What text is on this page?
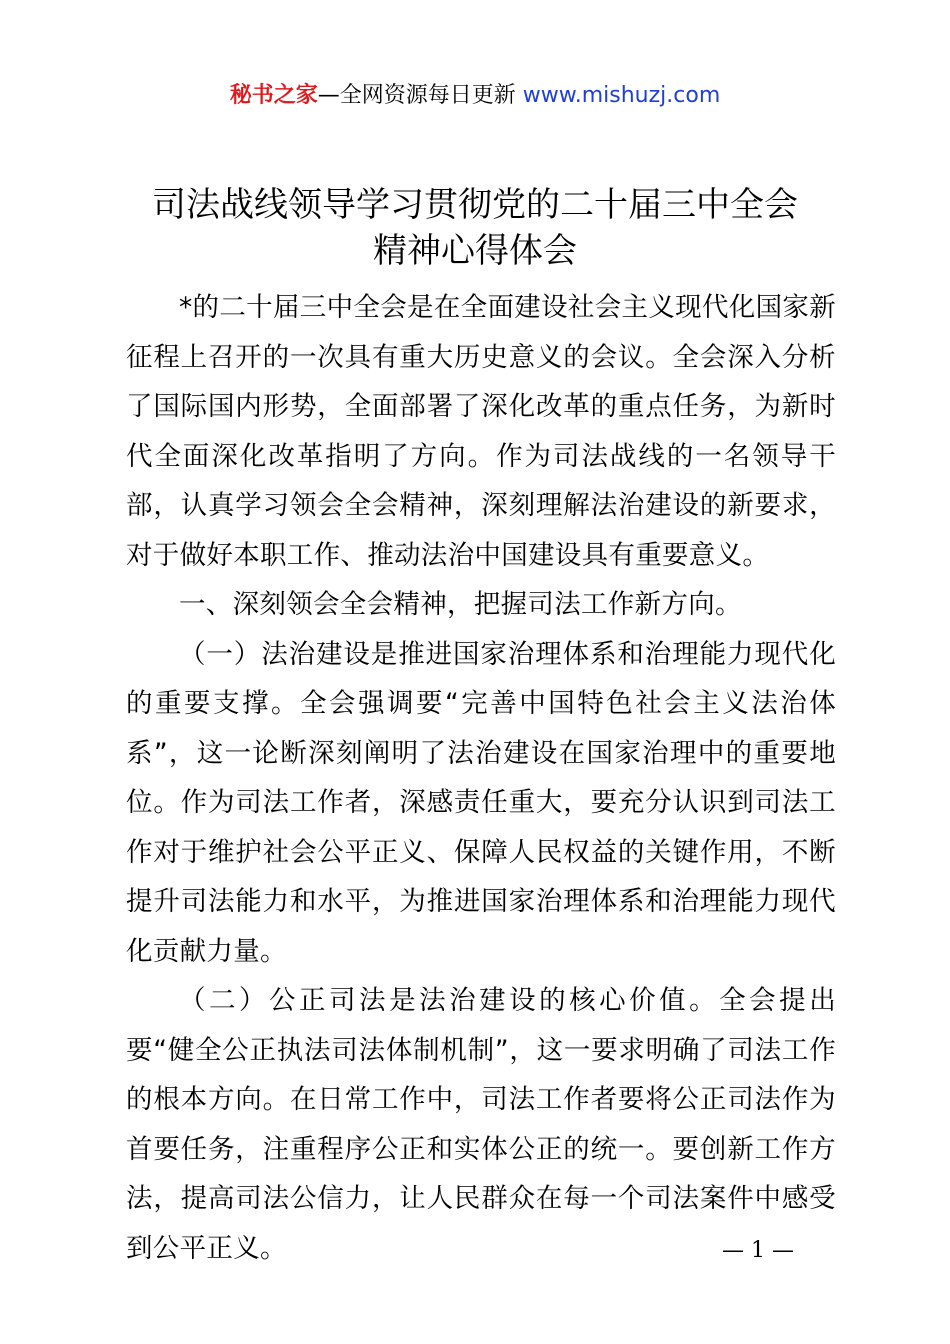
秘书之家—全网资源每日更新 www.mishuzj.com
司法战线领导学习贯彻党的二十届三中全会
精神心得体会

*的二十届三中全会是在全面建设社会主义现代化国家新征程上召开的一次具有重大历史意义的会议。全会深入分析了国际国内形势，全面部署了深化改革的重点任务，为新时代全面深化改革指明了方向。作为司法战线的一名领导干部，认真学习领会全会精神，深刻理解法治建设的新要求，对于做好本职工作、推动法治中国建设具有重要意义。

一、深刻领会全会精神，把握司法工作新方向。

（一）法治建设是推进国家治理体系和治理能力现代化的重要支撑。全会强调要“完善中国特色社会主义法治体系”，这一论断深刻阐明了法治建设在国家治理中的重要地位。作为司法工作者，深感责任重大，要充分认识到司法工作对于维护社会公平正义、保障人民权益的关键作用，不断提升司法能力和水平，为推进国家治理体系和治理能力现代化贡献力量。

（二）公正司法是法治建设的核心价值。全会提出要“健全公正执法司法体制机制”，这一要求明确了司法工作的根本方向。在日常工作中，司法工作者要将公正司法作为首要任务，注重程序公正和实体公正的统一。要创新工作方法，提高司法公信力，让人民群众在每一个司法案件中感受到公平正义。	— 1 —
